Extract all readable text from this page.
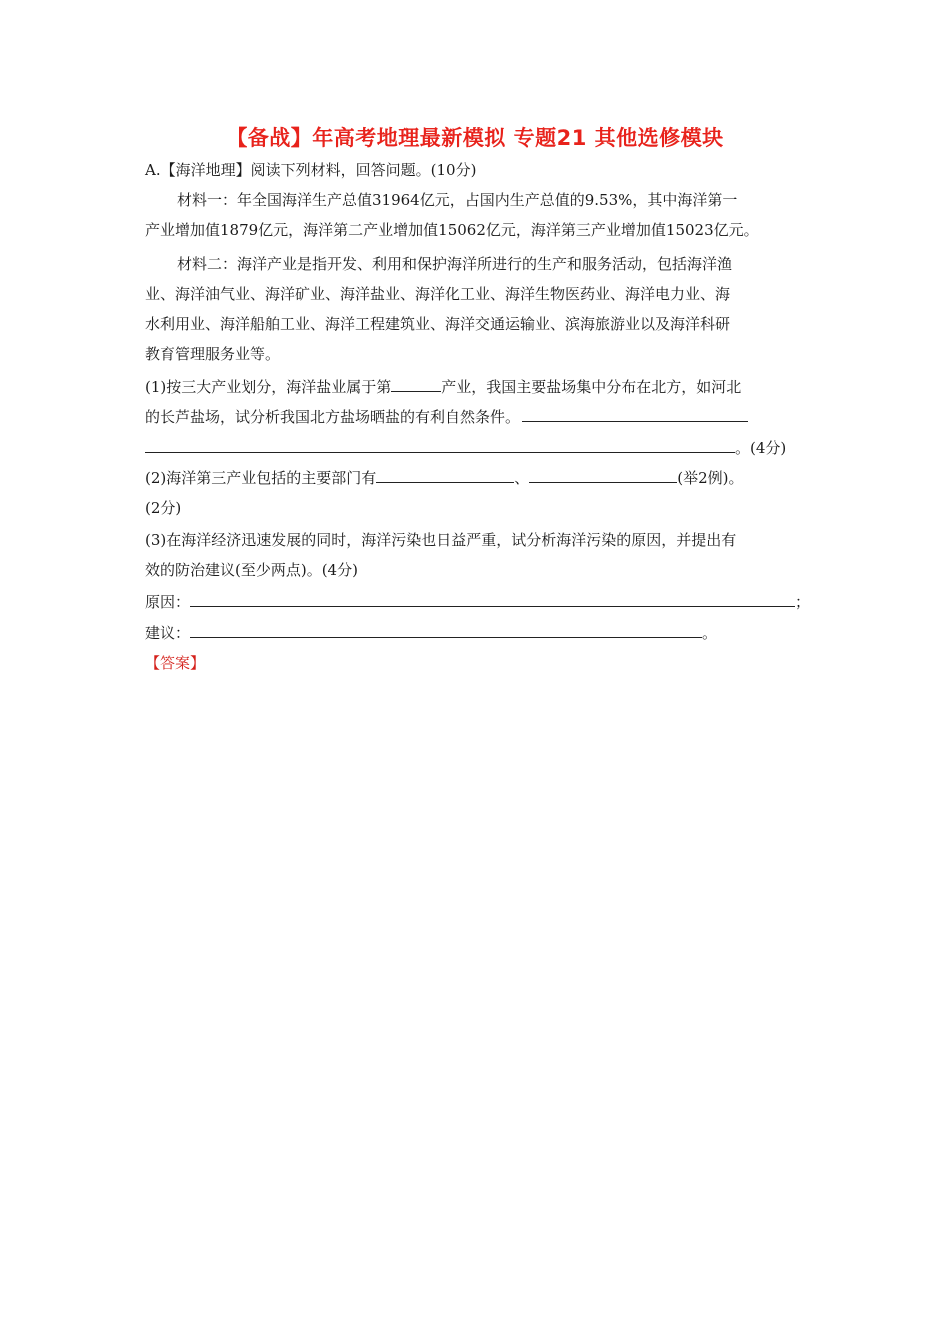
【备战】年高考地理最新模拟 专题21 其他选修模块
A.【海洋地理】阅读下列材料，回答问题。(10分)
材料一：年全国海洋生产总值31964亿元，占国内生产总值的9.53%，其中海洋第一
产业增加值1879亿元，海洋第二产业增加值15062亿元，海洋第三产业增加值15023亿元。
材料二：海洋产业是指开发、利用和保护海洋所进行的生产和服务活动，包括海洋渔
业、海洋油气业、海洋矿业、海洋盐业、海洋化工业、海洋生物医药业、海洋电力业、海
水利用业、海洋船舶工业、海洋工程建筑业、海洋交通运输业、滨海旅游业以及海洋科研
教育管理服务业等。
(1)按三大产业划分，海洋盐业属于第	产业，我国主要盐场集中分布在北方，如河北
的长芦盐场，试分析我国北方盐场晒盐的有利自然条件。
。(4分)
(2)海洋第三产业包括的主要部门有	、	(举2例)。
(2分)
(3)在海洋经济迅速发展的同时，海洋污染也日益严重，试分析海洋污染的原因，并提出有
效的防治建议(至少两点)。(4分)
原因：	；
建议：	。
【答案】
